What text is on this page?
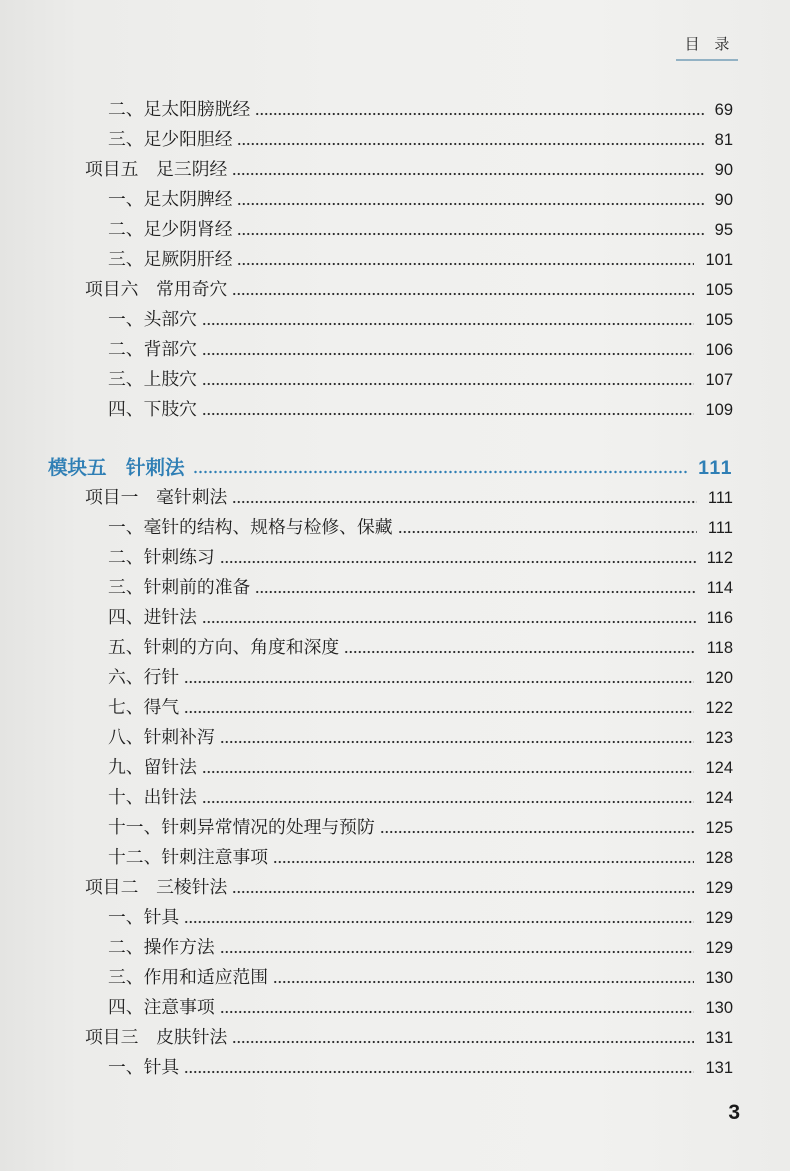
目 录
二、足太阳膀胱经	69
三、足少阳胆经	81
项目五　足三阴经	90
一、足太阴脾经	90
二、足少阴肾经	95
三、足厥阴肝经	101
项目六　常用奇穴	105
一、头部穴	105
二、背部穴	106
三、上肢穴	107
四、下肢穴	109
模块五　针刺法	111
项目一　毫针刺法	111
一、毫针的结构、规格与检修、保藏	111
二、针刺练习	112
三、针刺前的准备	114
四、进针法	116
五、针刺的方向、角度和深度	118
六、行针	120
七、得气	122
八、针刺补泻	123
九、留针法	124
十、出针法	124
十一、针刺异常情况的处理与预防	125
十二、针刺注意事项	128
项目二　三棱针法	129
一、针具	129
二、操作方法	129
三、作用和适应范围	130
四、注意事项	130
项目三　皮肤针法	131
一、针具	131
3
